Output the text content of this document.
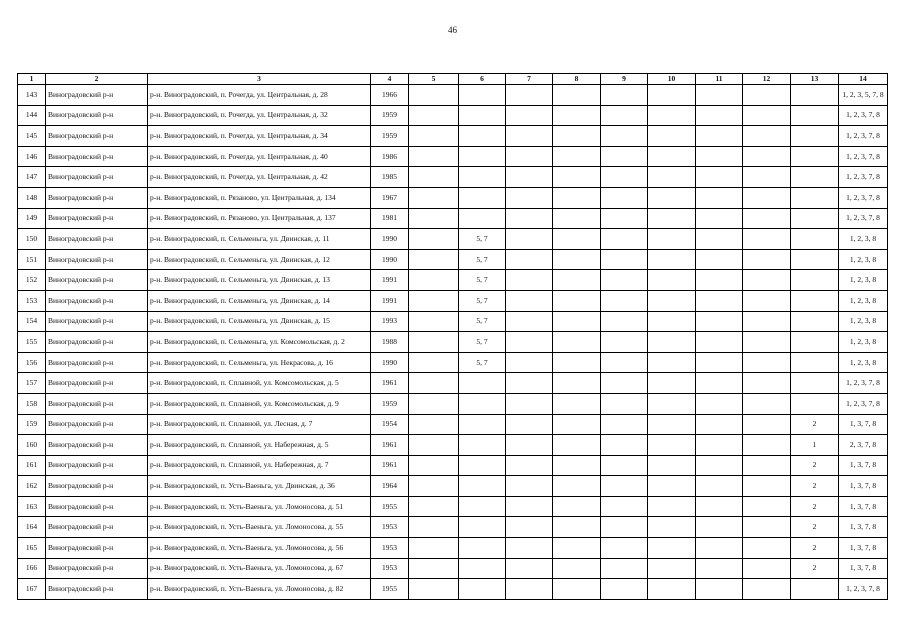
46
1	2	3	4	5	6	7	8	9	10	11	12	13	14
143	Виноградовский р-н	р-н. Виноградовский, п. Рочегда, ул. Центральная, д. 28	1966										1, 2, 3, 5, 7, 8
144	Виноградовский р-н	р-н. Виноградовский, п. Рочегда, ул. Центральная, д. 32	1959										1, 2, 3, 7, 8
145	Виноградовский р-н	р-н. Виноградовский, п. Рочегда, ул. Центральная, д. 34	1959										1, 2, 3, 7, 8
146	Виноградовский р-н	р-н. Виноградовский, п. Рочегда, ул. Центральная, д. 40	1986										1, 2, 3, 7, 8
147	Виноградовский р-н	р-н. Виноградовский, п. Рочегда, ул. Центральная, д. 42	1985										1, 2, 3, 7, 8
148	Виноградовский р-н	р-н. Виноградовский, п. Рязаново, ул. Центральная, д. 134	1967										1, 2, 3, 7, 8
149	Виноградовский р-н	р-н. Виноградовский, п. Рязаново, ул. Центральная, д. 137	1981										1, 2, 3, 7, 8
150	Виноградовский р-н	р-н. Виноградовский, п. Сельменьга, ул. Двинская, д. 11	1990		5, 7								1, 2, 3, 8
151	Виноградовский р-н	р-н. Виноградовский, п. Сельменьга, ул. Двинская, д. 12	1990		5, 7								1, 2, 3, 8
152	Виноградовский р-н	р-н. Виноградовский, п. Сельменьга, ул. Двинская, д. 13	1991		5, 7								1, 2, 3, 8
153	Виноградовский р-н	р-н. Виноградовский, п. Сельменьга, ул. Двинская, д. 14	1991		5, 7								1, 2, 3, 8
154	Виноградовский р-н	р-н. Виноградовский, п. Сельменьга, ул. Двинская, д. 15	1993		5, 7								1, 2, 3, 8
155	Виноградовский р-н	р-н. Виноградовский, п. Сельменьга, ул. Комсомольская, д. 2	1988		5, 7								1, 2, 3, 8
156	Виноградовский р-н	р-н. Виноградовский, п. Сельменьга, ул. Некрасова, д. 16	1990		5, 7								1, 2, 3, 8
157	Виноградовский р-н	р-н. Виноградовский, п. Сплавной, ул. Комсомольская, д. 5	1961										1, 2, 3, 7, 8
158	Виноградовский р-н	р-н. Виноградовский, п. Сплавной, ул. Комсомольская, д. 9	1959										1, 2, 3, 7, 8
159	Виноградовский р-н	р-н. Виноградовский, п. Сплавной, ул. Лесная, д. 7	1954									2	1, 3, 7, 8
160	Виноградовский р-н	р-н. Виноградовский, п. Сплавной, ул. Набережная, д. 5	1961									1	2, 3, 7, 8
161	Виноградовский р-н	р-н. Виноградовский, п. Сплавной, ул. Набережная, д. 7	1961									2	1, 3, 7, 8
162	Виноградовский р-н	р-н. Виноградовский, п. Усть-Ваеньга, ул. Двинская, д. 36	1964									2	1, 3, 7, 8
163	Виноградовский р-н	р-н. Виноградовский, п. Усть-Ваеньга, ул. Ломоносова, д. 51	1955									2	1, 3, 7, 8
164	Виноградовский р-н	р-н. Виноградовский, п. Усть-Ваеньга, ул. Ломоносова, д. 55	1953									2	1, 3, 7, 8
165	Виноградовский р-н	р-н. Виноградовский, п. Усть-Ваеньга, ул. Ломоносова, д. 56	1953									2	1, 3, 7, 8
166	Виноградовский р-н	р-н. Виноградовский, п. Усть-Ваеньга, ул. Ломоносова, д. 67	1953									2	1, 3, 7, 8
167	Виноградовский р-н	р-н. Виноградовский, п. Усть-Ваеньга, ул. Ломоносова, д. 82	1955										1, 2, 3, 7, 8
